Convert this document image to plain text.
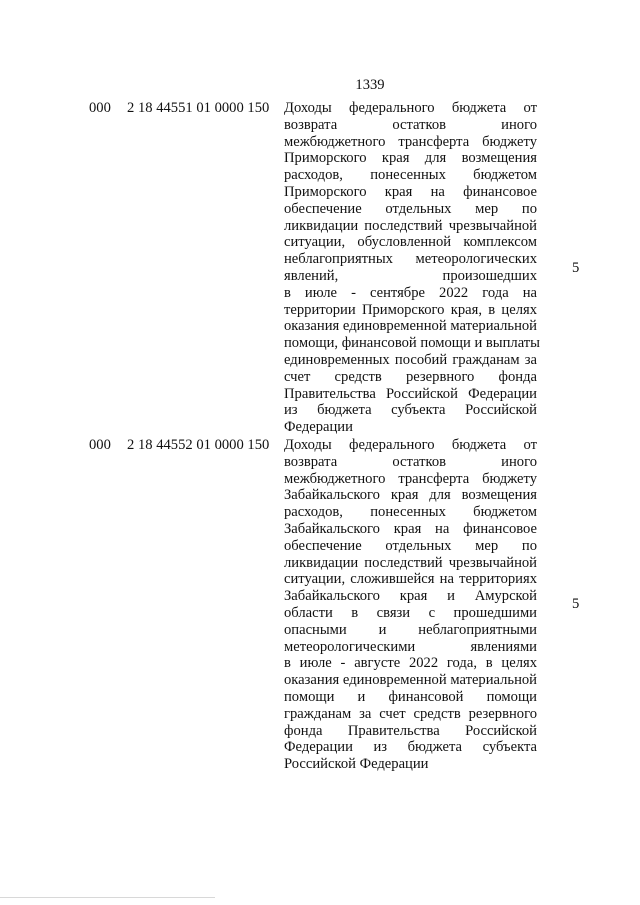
1339
000 2 18 44551 01 0000 150 Доходы федерального бюджета от
возврата остатков иного
межбюджетного трансферта бюджету
Приморского края для возмещения
расходов, понесенных бюджетом
Приморского края на финансовое
обеспечение отдельных мер по
ликвидации последствий чрезвычайной
ситуации, обусловленной комплексом
неблагоприятных метеорологических
явлений, произошедших
в июле - сентябре 2022 года на
территории Приморского края, в целях
оказания единовременной материальной
помощи, финансовой помощи и выплаты
единовременных пособий гражданам за
счет средств резервного фонда
Правительства Российской Федерации
из бюджета субъекта Российской
Федерации
5
000 2 18 44552 01 0000 150 Доходы федерального бюджета от
возврата остатков иного
межбюджетного трансферта бюджету
Забайкальского края для возмещения
расходов, понесенных бюджетом
Забайкальского края на финансовое
обеспечение отдельных мер по
ликвидации последствий чрезвычайной
ситуации, сложившейся на территориях
Забайкальского края и Амурской
области в связи с прошедшими
опасными и неблагоприятными
метеорологическими явлениями
в июле - августе 2022 года, в целях
оказания единовременной материальной
помощи и финансовой помощи
гражданам за счет средств резервного
фонда Правительства Российской
Федерации из бюджета субъекта
Российской Федерации
5
